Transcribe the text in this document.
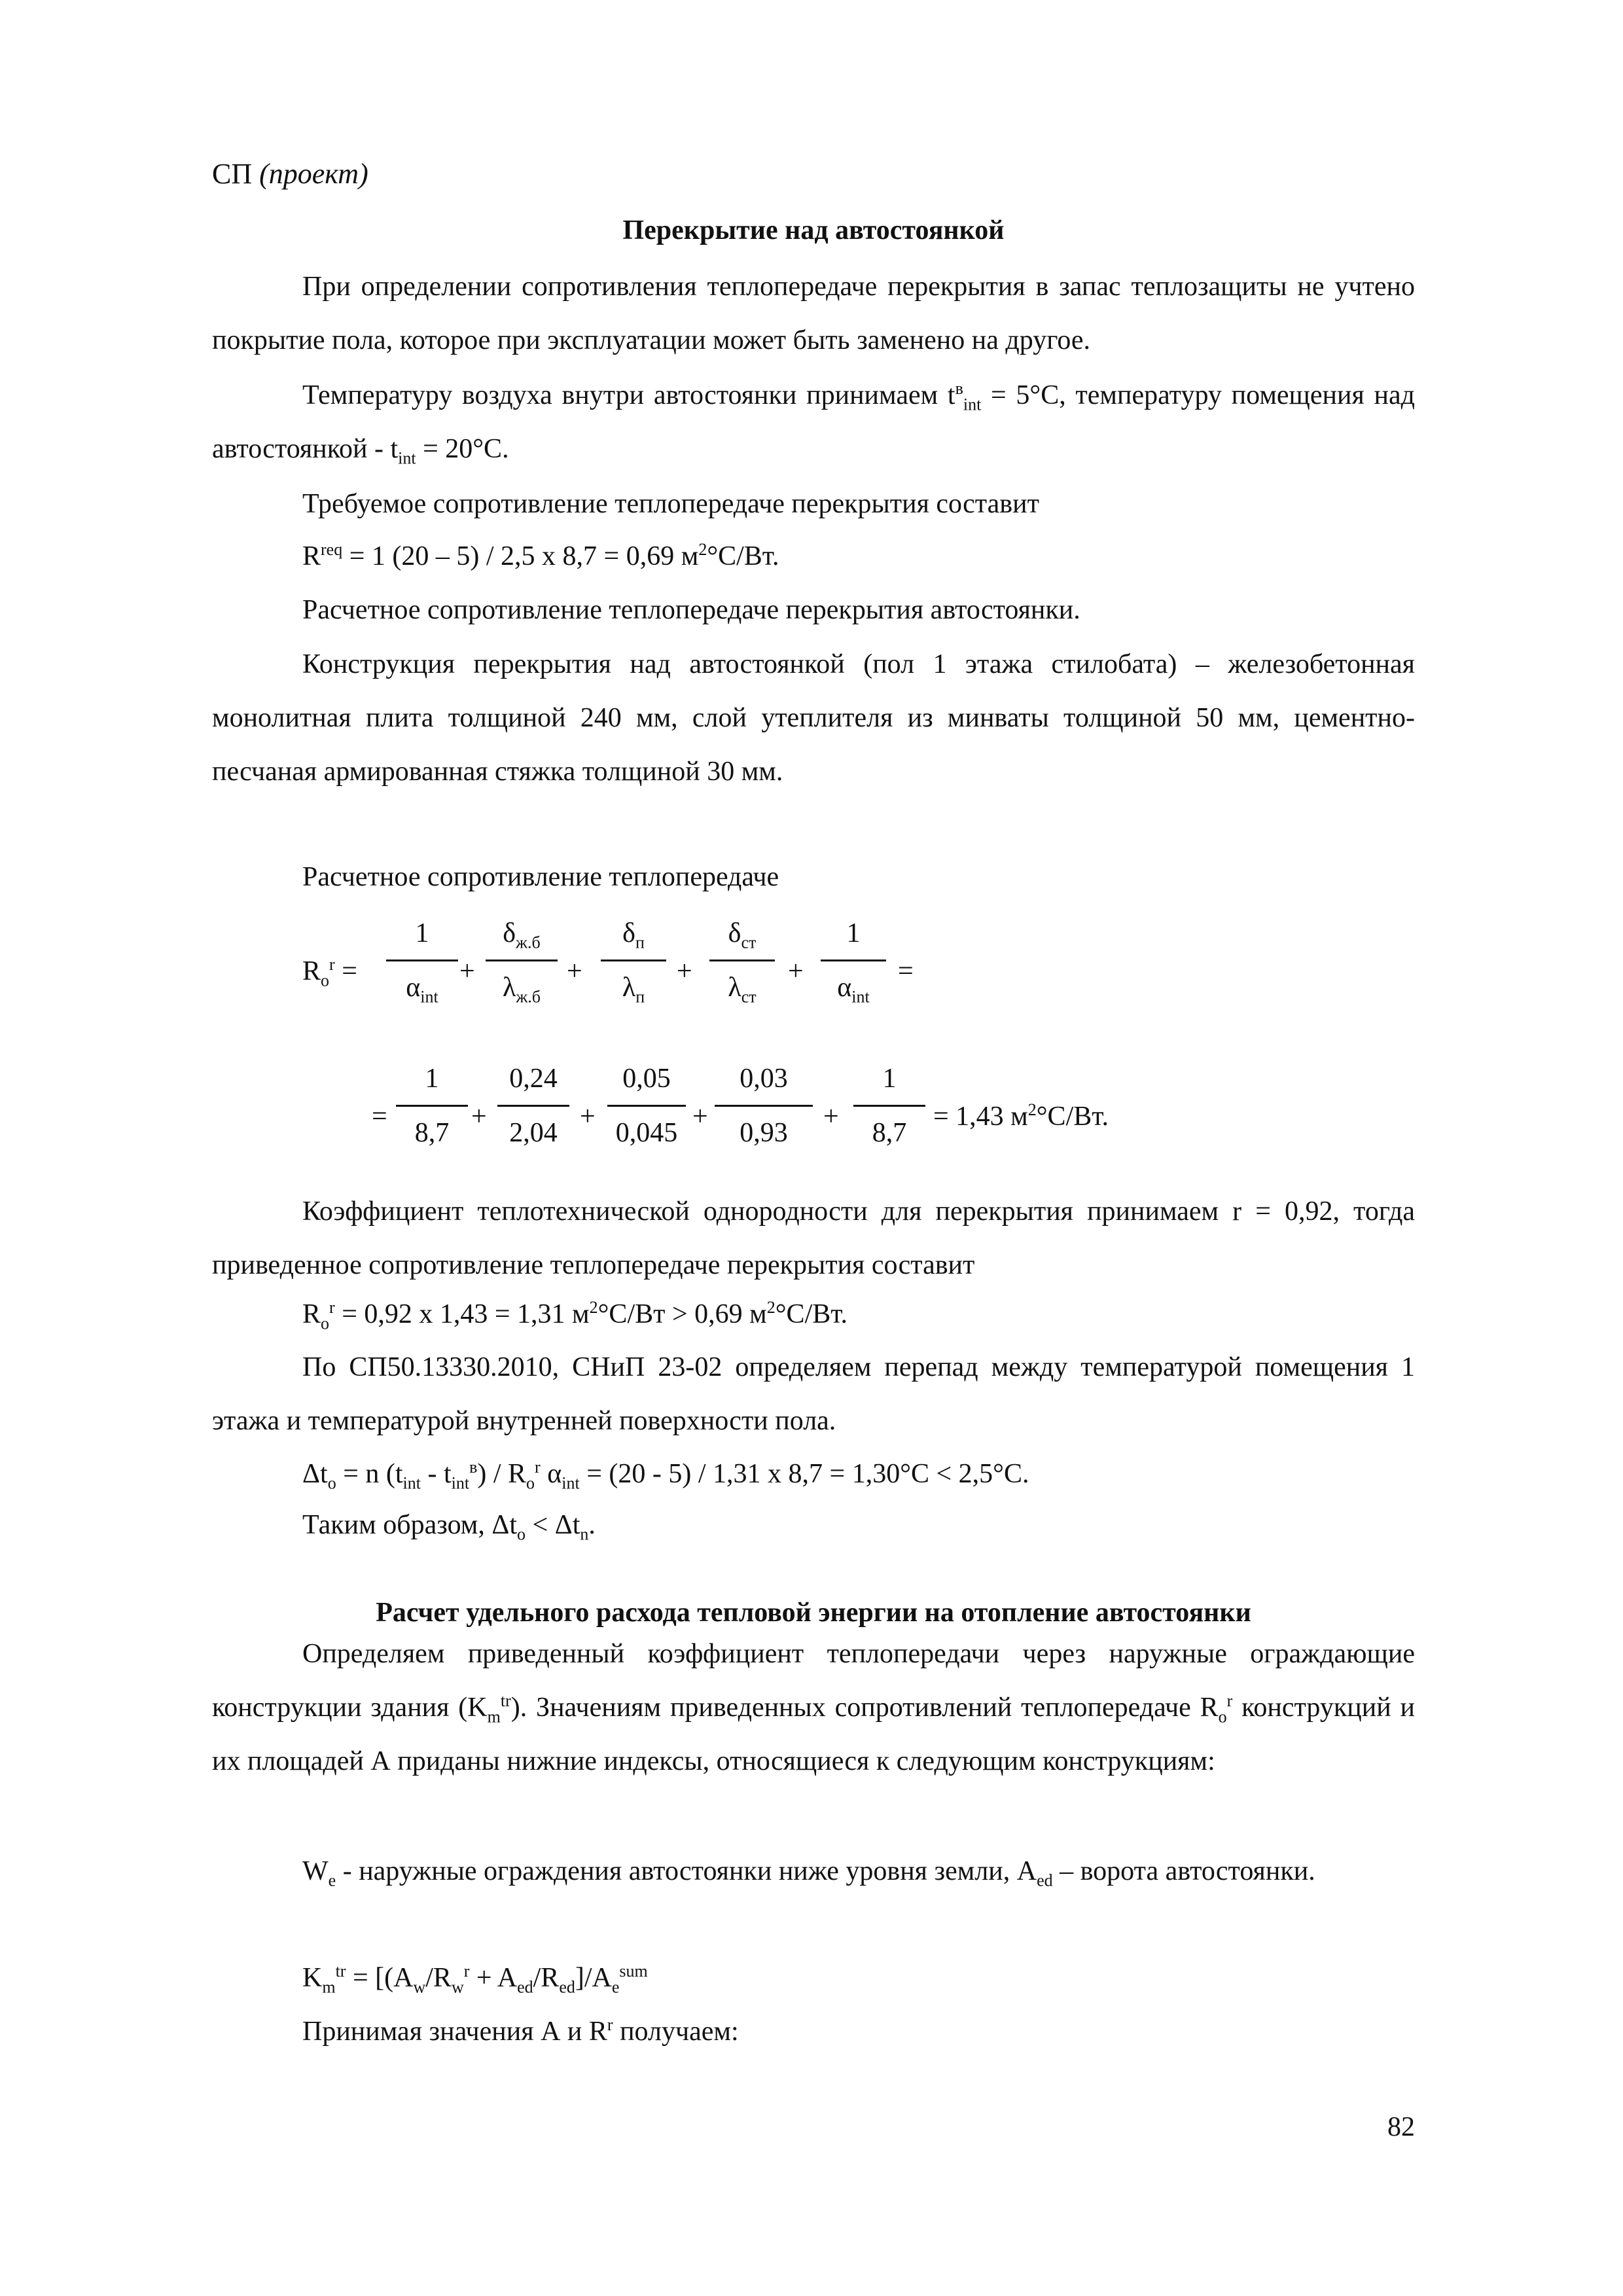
СП (проект)
Перекрытие над автостоянкой
При определении сопротивления теплопередаче перекрытия в запас теплозащиты не учтено покрытие пола, которое при эксплуатации может быть заменено на другое.
Температуру воздуха внутри автостоянки принимаем $t^в_{int} = 5^\circ С$, температуру помещения над автостоянкой - $t_{int} = 20^\circ С$.
Требуемое сопротивление теплопередаче перекрытия составит
$R^{req} = 1$ (20 – 5) / 2,5 х 8,7 = 0,69 $м^2^\circ С/Вт$.
Расчетное сопротивление теплопередаче перекрытия автостоянки.
Конструкция перекрытия над автостоянкой (пол 1 этажа стилобата) – железобетонная монолитная плита толщиной 240 мм, слой утеплителя из минваты толщиной 50 мм, цементно-песчаная армированная стяжка толщиной 30 мм.
Расчетное сопротивление теплопередаче
$R_o^r$ =
1
$\alpha_{int}$
+
$\delta_{ж.б}$
$\lambda_{ж.б}$
+
$\delta_п$
$\lambda_п$
+
$\delta_{ст}$
$\lambda_{ст}$
+
1
$\alpha_{int}$
=
=
1
8,7
+
0,24
2,04
+
0,05
0,045
+
0,03
0,93
+
1
8,7
= 1,43 $м^2^\circ С/Вт$.
Коэффициент теплотехнической однородности для перекрытия принимаем r = 0,92, тогда приведенное сопротивление теплопередаче перекрытия составит
$R_o^r = 0,92$ х 1,43 = 1,31 $м^2^\circ С/Вт > 0,69$ $м^2^\circ С/Вт$.
По СП50.13330.2010, СНиП 23-02 определяем перепад между температурой помещения 1 этажа и температурой внутренней поверхности пола.
$\Delta t_o = n$ $(t_{int} - t_{int}^в) / R_o^r$ $\alpha_{int} = (20 - 5) / 1,31$ х 8,7 = 1,30°С < 2,5°С.
Таким образом, $\Delta t_o < \Delta t_n$.
Расчет удельного расхода тепловой энергии на отопление автостоянки
Определяем приведенный коэффициент теплопередачи через наружные ограждающие конструкции здания $(K_m^{tr})$. Значениям приведенных сопротивлений теплопередаче $R_o^r$ конструкций и их площадей А приданы нижние индексы, относящиеся к следующим конструкциям:
$W_e$ - наружные ограждения автостоянки ниже уровня земли, $A_{ed}$ – ворота автостоянки.
$K_m^{tr} = [(A_w/R_w^r + A_{ed}/R_{ed}]/A_e^{sum}$
Принимая значения А и $R^r$ получаем:
82
